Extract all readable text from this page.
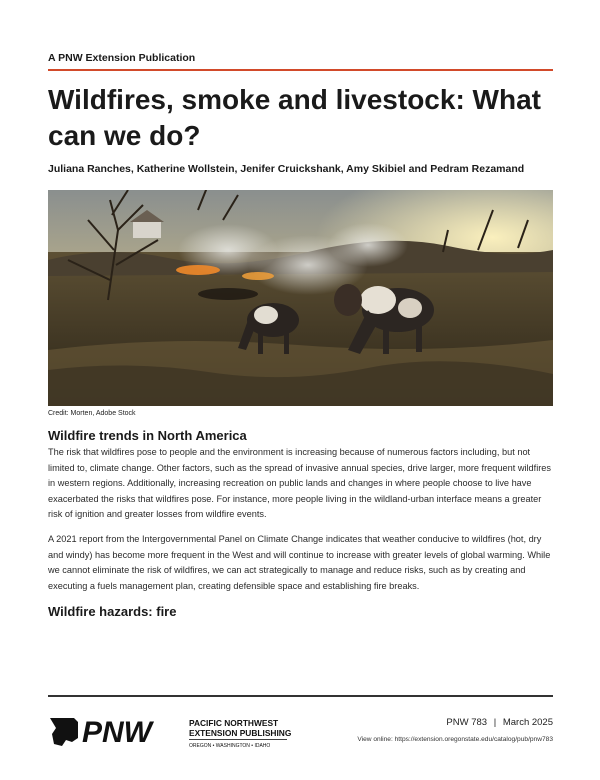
A PNW Extension Publication
Wildfires, smoke and livestock: What can we do?
Juliana Ranches, Katherine Wollstein, Jenifer Cruickshank, Amy Skibiel and Pedram Rezamand
Credit: Morten, Adobe Stock
Wildfire trends in North America

The risk that wildfires pose to people and the environment is increasing because of numerous factors including, but not limited to, climate change. Other factors, such as the spread of invasive annual species, drive larger, more frequent wildfires in western regions. Additionally, increasing recreation on public lands and changes in where people choose to live have exacerbated the risks that wildfires pose. For instance, more people living in the wildland-urban interface means a greater risk of ignition and greater losses from wildfire events.

A 2021 report from the Intergovernmental Panel on Climate Change indicates that weather conducive to wildfires (hot, dry and windy) has become more frequent in the West and will continue to increase with greater levels of global warming. While we cannot eliminate the risk of wildfires, we can act strategically to manage and reduce risks, such as by creating and executing a fuels management plan, creating defensible space and establishing fire breaks.

Wildfire hazards: fire
PNW	PACIFIC NORTHWEST
EXTENSION PUBLISHING
OREGON • WASHINGTON • IDAHO
PNW 783 | March 2025
View online: https://extension.oregonstate.edu/catalog/pub/pnw783
